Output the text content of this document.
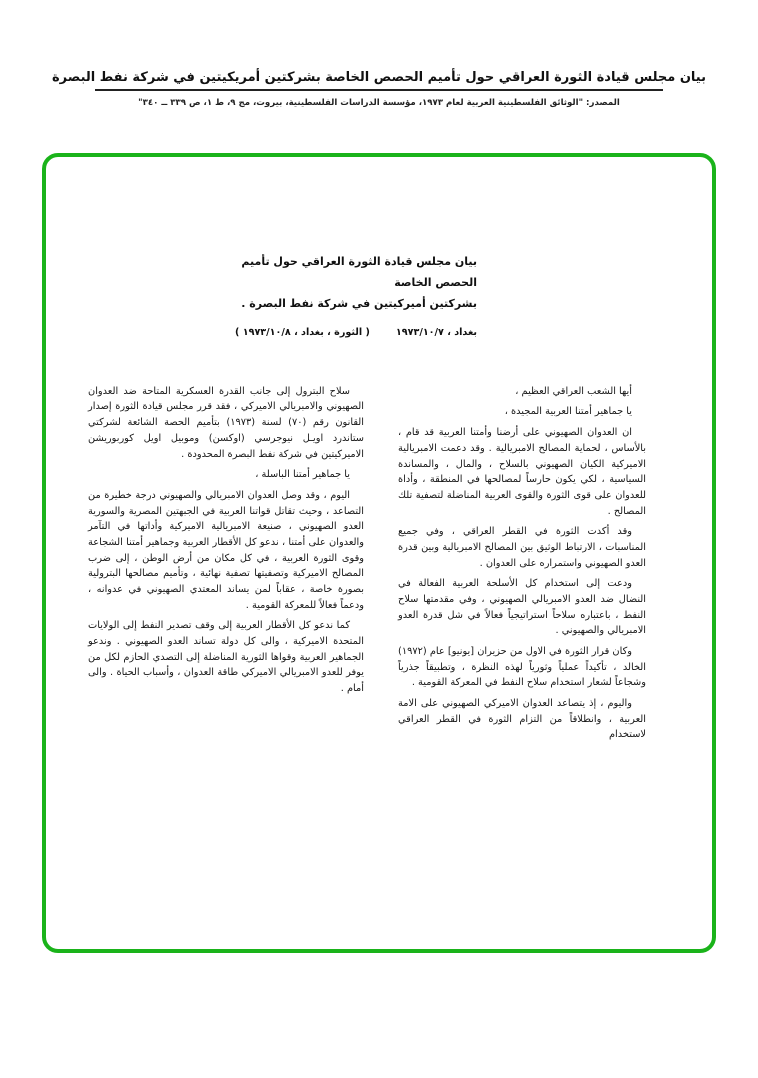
بيان مجلس قيادة الثورة العراقي حول تأميم الحصص الخاصة بشركتين أمريكيتين في شركة نفط البصرة
المصدر: "الوثائق الفلسطينية العربية لعام ١٩٧٣، مؤسسة الدراسات الفلسطينية، بيروت، مج ٩، ط ١، ص ٣٣٩ ــ ٣٤٠"
بيان مجلس قيادة الثورة العراقي حول تأميم الحصص الخاصة
بشركتين أميركيتين في شركة نفط البصرة .
بغداد ، ١٩٧٣/١٠/٧
( الثورة ، بغداد ، ١٩٧٣/١٠/٨ )

أيها الشعب العراقي العظيم ،

يا جماهير أمتنا العربية المجيدة ،

ان العدوان الصهيوني على أرضنا وأمتنا العربية قد قام ، بالأساس ، لحماية المصالح الامبريالية . وقد دعمت الامبريالية الاميركية الكيان الصهيوني بالسلاح ، والمال ، والمساندة السياسية ، لكي يكون حارساً لمصالحها في المنطقة ، وأداة للعدوان على قوى الثورة والقوى العربية المناضلة لتصفية تلك المصالح .

وقد أكدت الثورة في القطر العراقي ، وفي جميع المناسبات ، الارتباط الوثيق بين المصالح الامبريالية وبين قدرة العدو الصهيوني واستمراره على العدوان .

ودعت إلى استخدام كل الأسلحة العربية الفعالة في النضال ضد العدو الامبريالي الصهيوني ، وفي مقدمتها سلاح النفط ، باعتباره سلاحاً استراتيجياً فعالاً في شل قدرة العدو الامبريالي والصهيوني .

وكان قرار الثورة في الاول من حزيران [يونيو] عام (١٩٧٢) الخالد ، تأكيداً عملياً وثورياً لهذه النظرة ، وتطبيقاً جذرياً وشجاعاً لشعار استخدام سلاح النفط في المعركة القومية .

واليوم ، إذ يتصاعد العدوان الاميركي الصهيوني على الامة العربية ، وانطلاقاً من التزام الثورة في القطر العراقي لاستخدام

سلاح البترول إلى جانب القدرة العسكرية المتاحة ضد العدوان الصهيوني والامبريالي الاميركي ، فقد قرر مجلس قيادة الثورة إصدار القانون رقم (٧٠) لسنة (١٩٧٣) بتأميم الحصة الشائعة لشركتي ستاندرد اويـل نيوجرسي (اوكسن) وموبيل اويل كوربوريشن الاميركيتين في شركة نفط البصرة المحدودة .

يا جماهير أمتنا الباسلة ،

اليوم ، وقد وصل العدوان الامبريالي والصهيوني درجة خطيرة من التصاعد ، وحيث تقاتل قواتنا العربية في الجبهتين المصرية والسورية العدو الصهيوني ، صنيعة الامبريالية الاميركية وأداتها في التآمر والعدوان على أمتنا ، ندعو كل الأقطار العربية وجماهير أمتنا الشجاعة وقوى الثورة العربية ، في كل مكان من أرض الوطن ، إلى ضرب المصالح الاميركية وتصفيتها تصفية نهائية ، وتأميم مصالحها البترولية بصورة خاصة ، عقاباً لمن يساند المعتدي الصهيوني في عدوانه ، ودعماً فعالاً للمعركة القومية .

كما ندعو كل الأقطار العربية إلى وقف تصدير النفط إلى الولايات المتحدة الاميركية ، والى كل دولة تساند العدو الصهيوني . وندعو الجماهير العربية وقواها الثورية المناضلة إلى التصدي الحازم لكل من يوفر للعدو الامبريالي الاميركي طاقة العدوان ، وأسباب الحياة . والى أمام .
